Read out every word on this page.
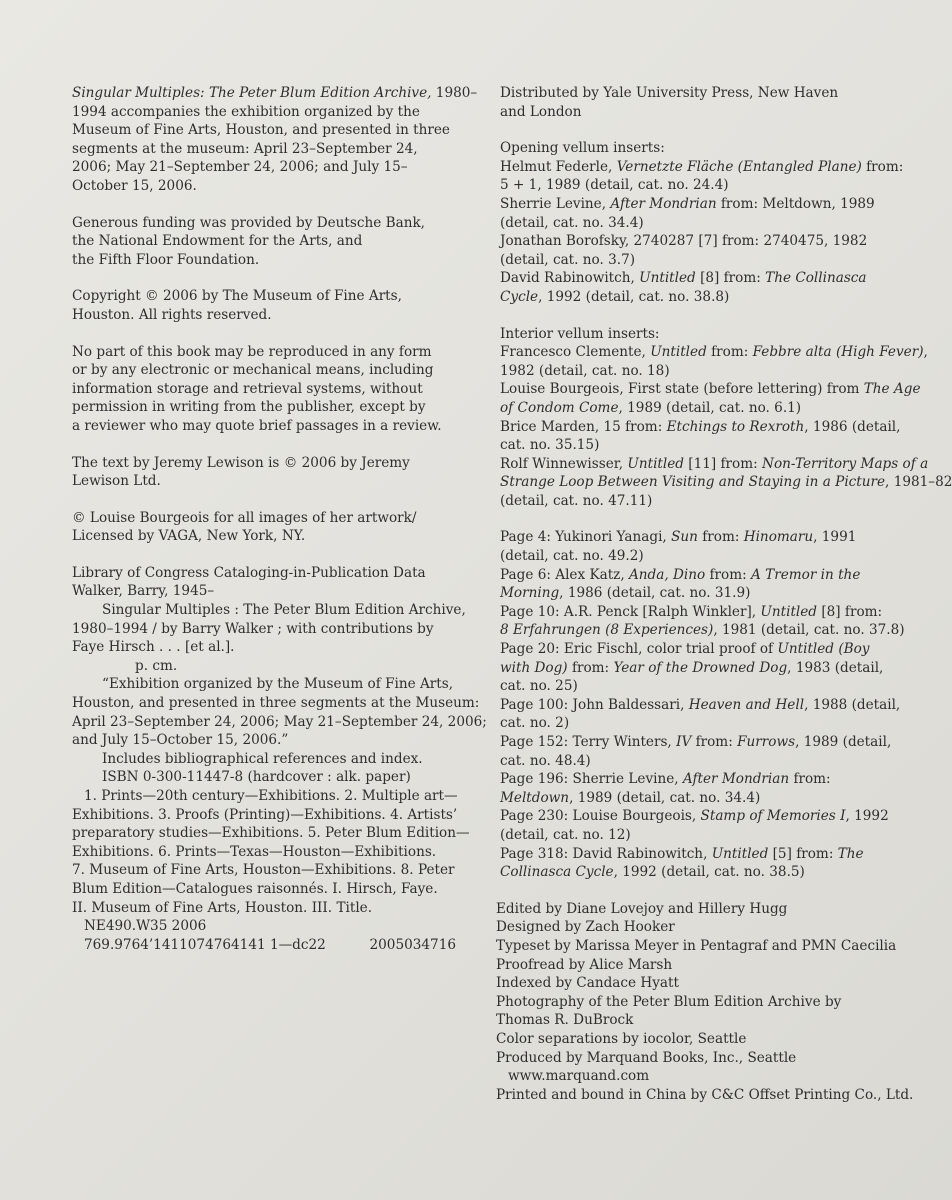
Singular Multiples: The Peter Blum Edition Archive, 1980–
1994 accompanies the exhibition organized by the
Museum of Fine Arts, Houston, and presented in three
segments at the museum: April 23–September 24,
2006; May 21–September 24, 2006; and July 15–
October 15, 2006.
Generous funding was provided by Deutsche Bank,
the National Endowment for the Arts, and
the Fifth Floor Foundation.
Copyright © 2006 by The Museum of Fine Arts,
Houston. All rights reserved.
No part of this book may be reproduced in any form
or by any electronic or mechanical means, including
information storage and retrieval systems, without
permission in writing from the publisher, except by
a reviewer who may quote brief passages in a review.
The text by Jeremy Lewison is © 2006 by Jeremy
Lewison Ltd.
© Louise Bourgeois for all images of her artwork/
Licensed by VAGA, New York, NY.
Library of Congress Cataloging-in-Publication Data
Walker, Barry, 1945–
Singular Multiples : The Peter Blum Edition Archive,
1980–1994 / by Barry Walker ; with contributions by
Faye Hirsch . . . [et al.].
p. cm.
“Exhibition organized by the Museum of Fine Arts,
Houston, and presented in three segments at the Museum:
April 23–September 24, 2006; May 21–September 24, 2006;
and July 15–October 15, 2006.”
Includes bibliographical references and index.
ISBN 0-300-11447-8 (hardcover : alk. paper)
1. Prints—20th century—Exhibitions. 2. Multiple art—
Exhibitions. 3. Proofs (Printing)—Exhibitions. 4. Artists’
preparatory studies—Exhibitions. 5. Peter Blum Edition—
Exhibitions. 6. Prints—Texas—Houston—Exhibitions.
7. Museum of Fine Arts, Houston—Exhibitions. 8. Peter
Blum Edition—Catalogues raisonnés. I. Hirsch, Faye.
II. Museum of Fine Arts, Houston. III. Title.
NE490.W35 2006
769.9764’1411074764141 1—dc22	2005034716
Distributed by Yale University Press, New Haven
and London
Opening vellum inserts:
Helmut Federle, Vernetzte Fläche (Entangled Plane) from:
5 + 1, 1989 (detail, cat. no. 24.4)
Sherrie Levine, After Mondrian from: Meltdown, 1989
(detail, cat. no. 34.4)
Jonathan Borofsky, 2740287 [7] from: 2740475, 1982
(detail, cat. no. 3.7)
David Rabinowitch, Untitled [8] from: The Collinasca
Cycle, 1992 (detail, cat. no. 38.8)
Interior vellum inserts:
Francesco Clemente, Untitled from: Febbre alta (High Fever),
1982 (detail, cat. no. 18)
Louise Bourgeois, First state (before lettering) from The Age
of Condom Come, 1989 (detail, cat. no. 6.1)
Brice Marden, 15 from: Etchings to Rexroth, 1986 (detail,
cat. no. 35.15)
Rolf Winnewisser, Untitled [11] from: Non-Territory Maps of a
Strange Loop Between Visiting and Staying in a Picture, 1981–82
(detail, cat. no. 47.11)
Page 4: Yukinori Yanagi, Sun from: Hinomaru, 1991
(detail, cat. no. 49.2)
Page 6: Alex Katz, Anda, Dino from: A Tremor in the
Morning, 1986 (detail, cat. no. 31.9)
Page 10: A.R. Penck [Ralph Winkler], Untitled [8] from:
8 Erfahrungen (8 Experiences), 1981 (detail, cat. no. 37.8)
Page 20: Eric Fischl, color trial proof of Untitled (Boy
with Dog) from: Year of the Drowned Dog, 1983 (detail,
cat. no. 25)
Page 100: John Baldessari, Heaven and Hell, 1988 (detail,
cat. no. 2)
Page 152: Terry Winters, IV from: Furrows, 1989 (detail,
cat. no. 48.4)
Page 196: Sherrie Levine, After Mondrian from:
Meltdown, 1989 (detail, cat. no. 34.4)
Page 230: Louise Bourgeois, Stamp of Memories I, 1992
(detail, cat. no. 12)
Page 318: David Rabinowitch, Untitled [5] from: The
Collinasca Cycle, 1992 (detail, cat. no. 38.5)
Edited by Diane Lovejoy and Hillery Hugg
Designed by Zach Hooker
Typeset by Marissa Meyer in Pentagraf and PMN Caecilia
Proofread by Alice Marsh
Indexed by Candace Hyatt
Photography of the Peter Blum Edition Archive by
Thomas R. DuBrock
Color separations by iocolor, Seattle
Produced by Marquand Books, Inc., Seattle
www.marquand.com
Printed and bound in China by C&C Offset Printing Co., Ltd.
